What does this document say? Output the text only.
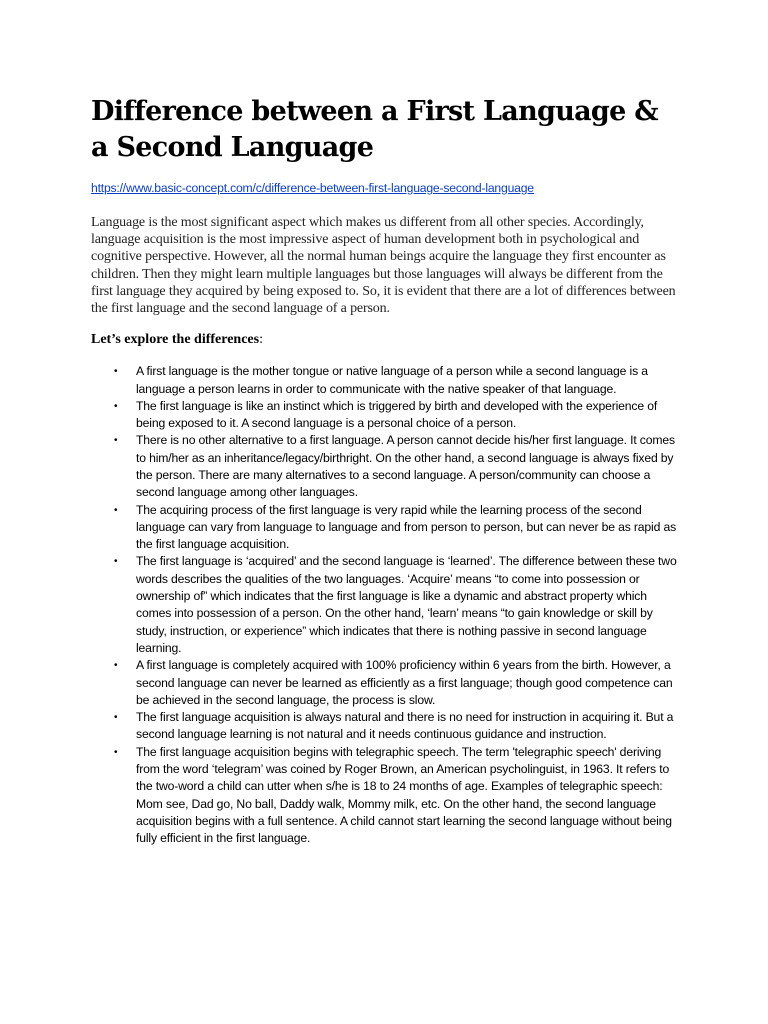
Difference between a First Language & a Second Language
https://www.basic-concept.com/c/difference-between-first-language-second-language

Language is the most significant aspect which makes us different from all other species. Accordingly, language acquisition is the most impressive aspect of human development both in psychological and cognitive perspective. However, all the normal human beings acquire the language they first encounter as children. Then they might learn multiple languages but those languages will always be different from the first language they acquired by being exposed to. So, it is evident that there are a lot of differences between the first language and the second language of a person.

Let’s explore the differences:

• A first language is the mother tongue or native language of a person while a second language is a language a person learns in order to communicate with the native speaker of that language.
• The first language is like an instinct which is triggered by birth and developed with the experience of being exposed to it. A second language is a personal choice of a person.
• There is no other alternative to a first language. A person cannot decide his/her first language. It comes to him/her as an inheritance/legacy/birthright. On the other hand, a second language is always fixed by the person. There are many alternatives to a second language. A person/community can choose a second language among other languages.
• The acquiring process of the first language is very rapid while the learning process of the second language can vary from language to language and from person to person, but can never be as rapid as the first language acquisition.
• The first language is ‘acquired’ and the second language is ‘learned’. The difference between these two words describes the qualities of the two languages. ‘Acquire’ means “to come into possession or ownership of” which indicates that the first language is like a dynamic and abstract property which comes into possession of a person. On the other hand, ‘learn’ means “to gain knowledge or skill by study, instruction, or experience” which indicates that there is nothing passive in second language learning.
• A first language is completely acquired with 100% proficiency within 6 years from the birth. However, a second language can never be learned as efficiently as a first language; though good competence can be achieved in the second language, the process is slow.
• The first language acquisition is always natural and there is no need for instruction in acquiring it. But a second language learning is not natural and it needs continuous guidance and instruction.
• The first language acquisition begins with telegraphic speech. The term 'telegraphic speech' deriving from the word ‘telegram’ was coined by Roger Brown, an American psycholinguist, in 1963. It refers to the two-word a child can utter when s/he is 18 to 24 months of age. Examples of telegraphic speech: Mom see, Dad go, No ball, Daddy walk, Mommy milk, etc. On the other hand, the second language acquisition begins with a full sentence. A child cannot start learning the second language without being fully efficient in the first language.
